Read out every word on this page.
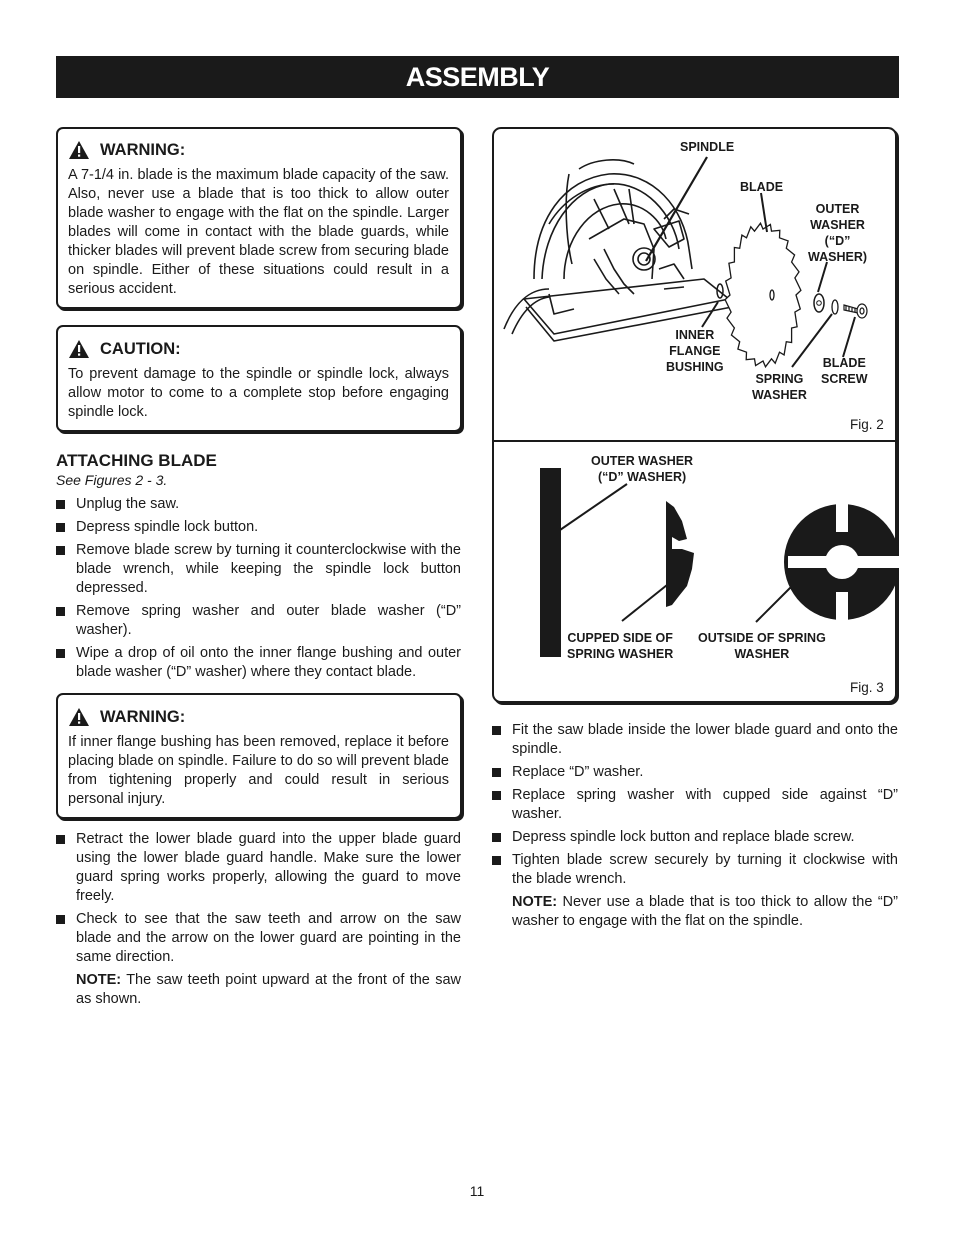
ASSEMBLY
WARNING:

A 7-1/4 in. blade is the maximum blade capacity of the saw. Also, never use a blade that is too thick to allow outer blade washer to engage with the flat on the spindle. Larger blades will come in contact with the blade guards, while thicker blades will prevent blade screw from securing blade on spindle. Either of these situations could result in a serious accident.

CAUTION:

To prevent damage to the spindle or spindle lock, always allow motor to come to a complete stop before engaging spindle lock.

ATTACHING BLADE
See Figures 2 - 3.
Unplug the saw.
Depress spindle lock button.
Remove blade screw by turning it counterclockwise with the blade wrench, while keeping the spindle lock button depressed.
Remove spring washer and outer blade washer (“D” washer).
Wipe a drop of oil onto the inner flange bushing and outer blade washer (“D” washer) where they contact blade.
WARNING:

If inner flange bushing has been removed, replace it before placing blade on spindle. Failure to do so will prevent blade from tightening properly and could result in serious personal injury.

Retract the lower blade guard into the upper blade guard using the lower blade guard handle. Make sure the lower guard spring works properly, allowing the guard to move freely.
Check to see that the saw teeth and arrow on the saw blade and the arrow on the lower guard are pointing in the same direction.

NOTE: The saw teeth point upward at the front of the saw as shown.

SPINDLE
BLADE
OUTER
WASHER
(“D”
WASHER)
INNER
FLANGE
BUSHING
SPRING
WASHER
BLADE
SCREW
Fig. 2
OUTER WASHER
(“D” WASHER)
CUPPED SIDE OF
SPRING WASHER
OUTSIDE OF SPRING
WASHER
Fig. 3
Fit the saw blade inside the lower blade guard and onto the spindle.
Replace “D” washer.
Replace spring washer with cupped side against “D” washer.
Depress spindle lock button and replace blade screw.
Tighten blade screw securely by turning it clockwise with the blade wrench.

NOTE: Never use a blade that is too thick to allow the “D” washer to engage with the flat on the spindle.

11
